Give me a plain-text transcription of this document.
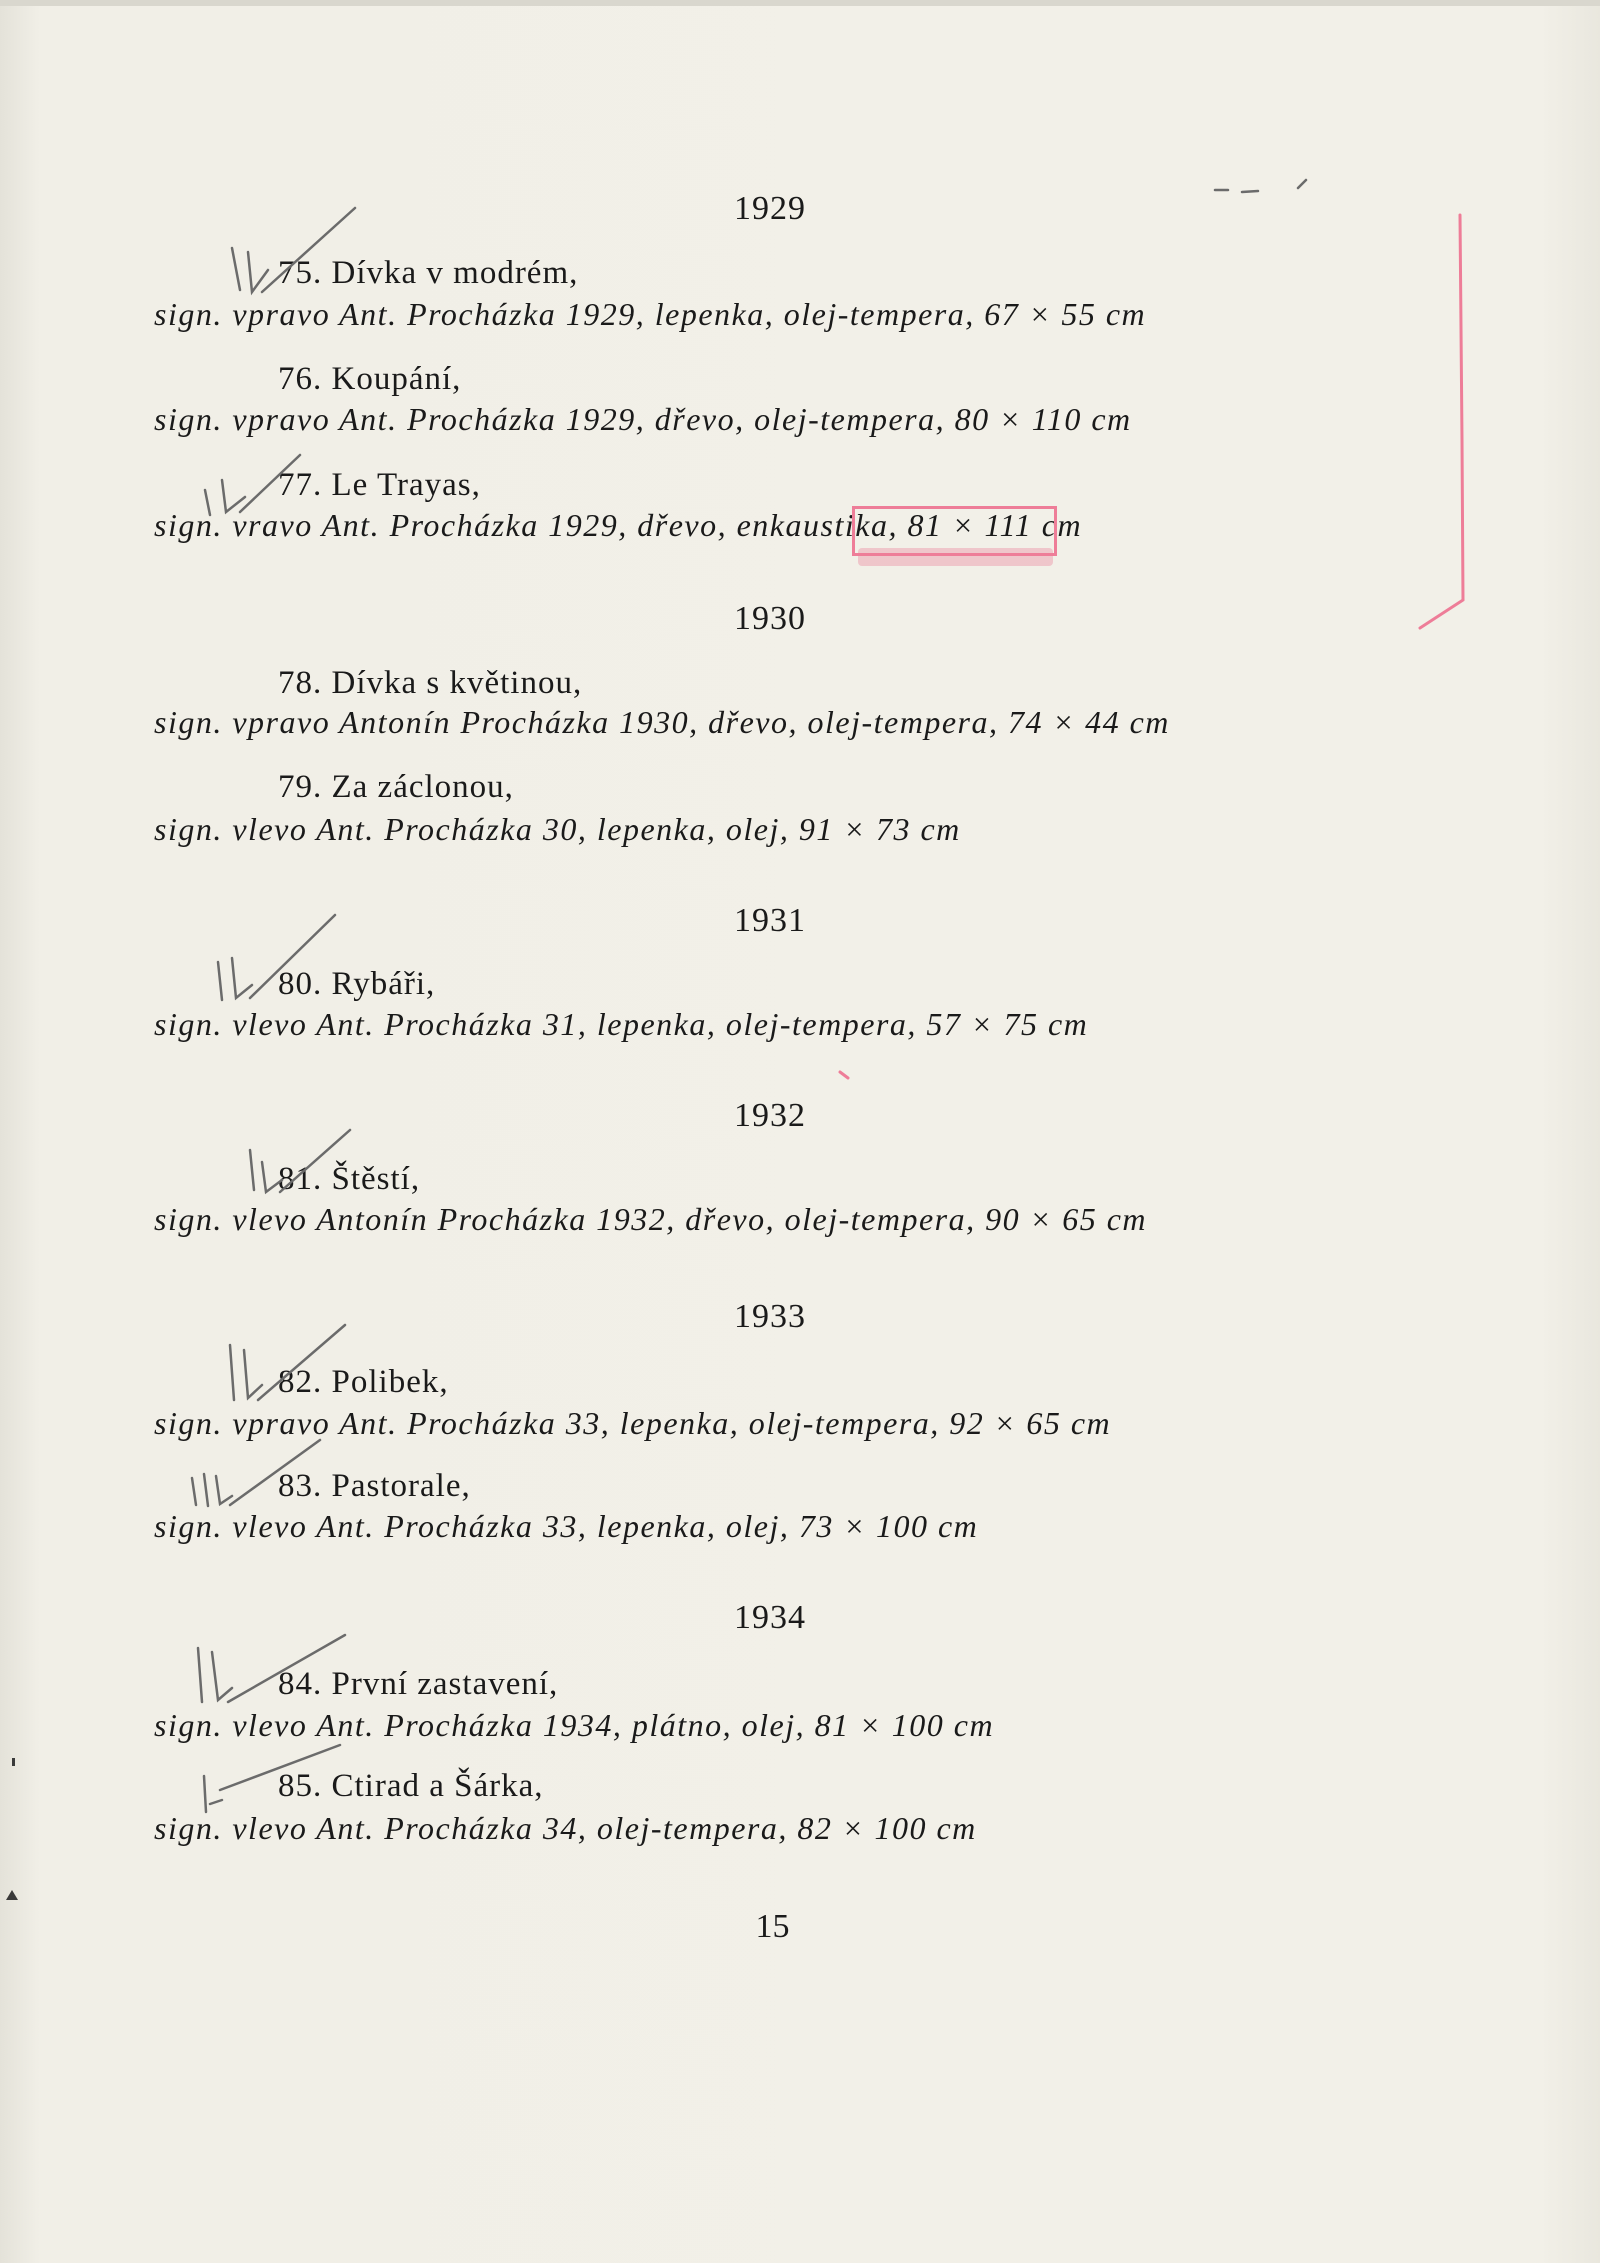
1929
75. Dívka v modrém,
sign. vpravo Ant. Procházka 1929, lepenka, olej-tempera, 67 × 55 cm
76. Koupání,
sign. vpravo Ant. Procházka 1929, dřevo, olej-tempera, 80 × 110 cm
77. Le Trayas,
sign. vravo Ant. Procházka 1929, dřevo, enkaustika, 81 × 111 cm
1930
78. Dívka s květinou,
sign. vpravo Antonín Procházka 1930, dřevo, olej-tempera, 74 × 44 cm
79. Za záclonou,
sign. vlevo Ant. Procházka 30, lepenka, olej, 91 × 73 cm
1931
80. Rybáři,
sign. vlevo Ant. Procházka 31, lepenka, olej-tempera, 57 × 75 cm
1932
81. Štěstí,
sign. vlevo Antonín Procházka 1932, dřevo, olej-tempera, 90 × 65 cm
1933
82. Polibek,
sign. vpravo Ant. Procházka 33, lepenka, olej-tempera, 92 × 65 cm
83. Pastorale,
sign. vlevo Ant. Procházka 33, lepenka, olej, 73 × 100 cm
1934
84. První zastavení,
sign. vlevo Ant. Procházka 1934, plátno, olej, 81 × 100 cm
85. Ctirad a Šárka,
sign. vlevo Ant. Procházka 34, olej-tempera, 82 × 100 cm
15
